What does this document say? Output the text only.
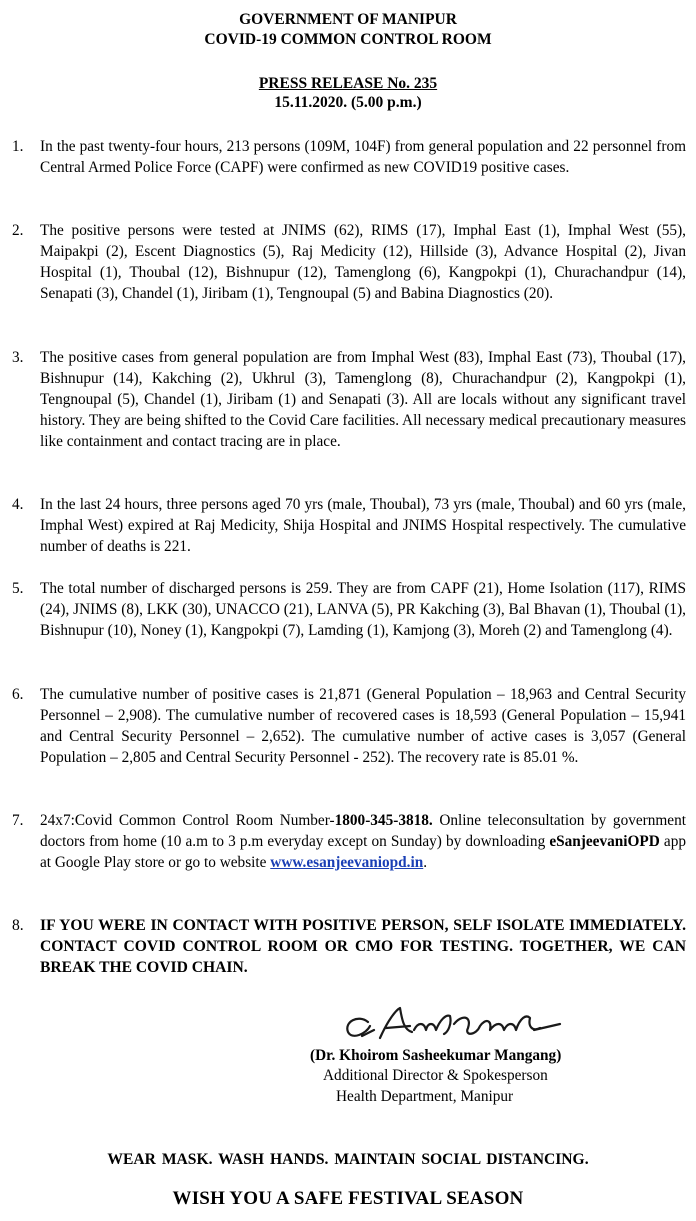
GOVERNMENT OF MANIPUR
COVID-19 COMMON CONTROL ROOM
PRESS RELEASE No. 235
15.11.2020. (5.00 p.m.)
1.	In the past twenty-four hours, 213 persons (109M, 104F) from general population and 22 personnel from Central Armed Police Force (CAPF) were confirmed as new COVID19 positive cases.
2.	The positive persons were tested at JNIMS (62), RIMS (17), Imphal East (1), Imphal West (55), Maipakpi (2), Escent Diagnostics (5), Raj Medicity (12), Hillside (3), Advance Hospital (2), Jivan Hospital (1), Thoubal (12), Bishnupur (12), Tamenglong (6), Kangpokpi (1), Churachandpur (14), Senapati (3), Chandel (1), Jiribam (1), Tengnoupal (5) and Babina Diagnostics (20).
3.	The positive cases from general population are from Imphal West (83), Imphal East (73), Thoubal (17), Bishnupur (14), Kakching (2), Ukhrul (3), Tamenglong (8), Churachandpur (2), Kangpokpi (1), Tengnoupal (5), Chandel (1), Jiribam (1) and Senapati (3). All are locals without any significant travel history. They are being shifted to the Covid Care facilities. All necessary medical precautionary measures like containment and contact tracing are in place.
4.	In the last 24 hours, three persons aged 70 yrs (male, Thoubal), 73 yrs (male, Thoubal) and 60 yrs (male, Imphal West) expired at Raj Medicity, Shija Hospital and JNIMS Hospital respectively. The cumulative number of deaths is 221.
5.	The total number of discharged persons is 259. They are from CAPF (21), Home Isolation (117), RIMS (24), JNIMS (8), LKK (30), UNACCO (21), LANVA (5), PR Kakching (3), Bal Bhavan (1), Thoubal (1), Bishnupur (10), Noney (1), Kangpokpi (7), Lamding (1), Kamjong (3), Moreh (2) and Tamenglong (4).
6.	The cumulative number of positive cases is 21,871 (General Population – 18,963 and Central Security Personnel – 2,908). The cumulative number of recovered cases is 18,593 (General Population – 15,941 and Central Security Personnel – 2,652). The cumulative number of active cases is 3,057 (General Population – 2,805 and Central Security Personnel - 252). The recovery rate is 85.01 %.
7.	24x7:Covid Common Control Room Number-1800-345-3818. Online teleconsultation by government doctors from home (10 a.m to 3 p.m everyday except on Sunday) by downloading eSanjeevaniOPD app at Google Play store or go to website www.esanjeevaniopd.in.
8.	IF YOU WERE IN CONTACT WITH POSITIVE PERSON, SELF ISOLATE IMMEDIATELY. CONTACT COVID CONTROL ROOM OR CMO FOR TESTING. TOGETHER, WE CAN BREAK THE COVID CHAIN.
(Dr. Khoirom Sasheekumar Mangang)
Additional Director & Spokesperson
Health Department, Manipur
WEAR MASK. WASH HANDS. MAINTAIN SOCIAL DISTANCING.
WISH YOU A SAFE FESTIVAL SEASON
